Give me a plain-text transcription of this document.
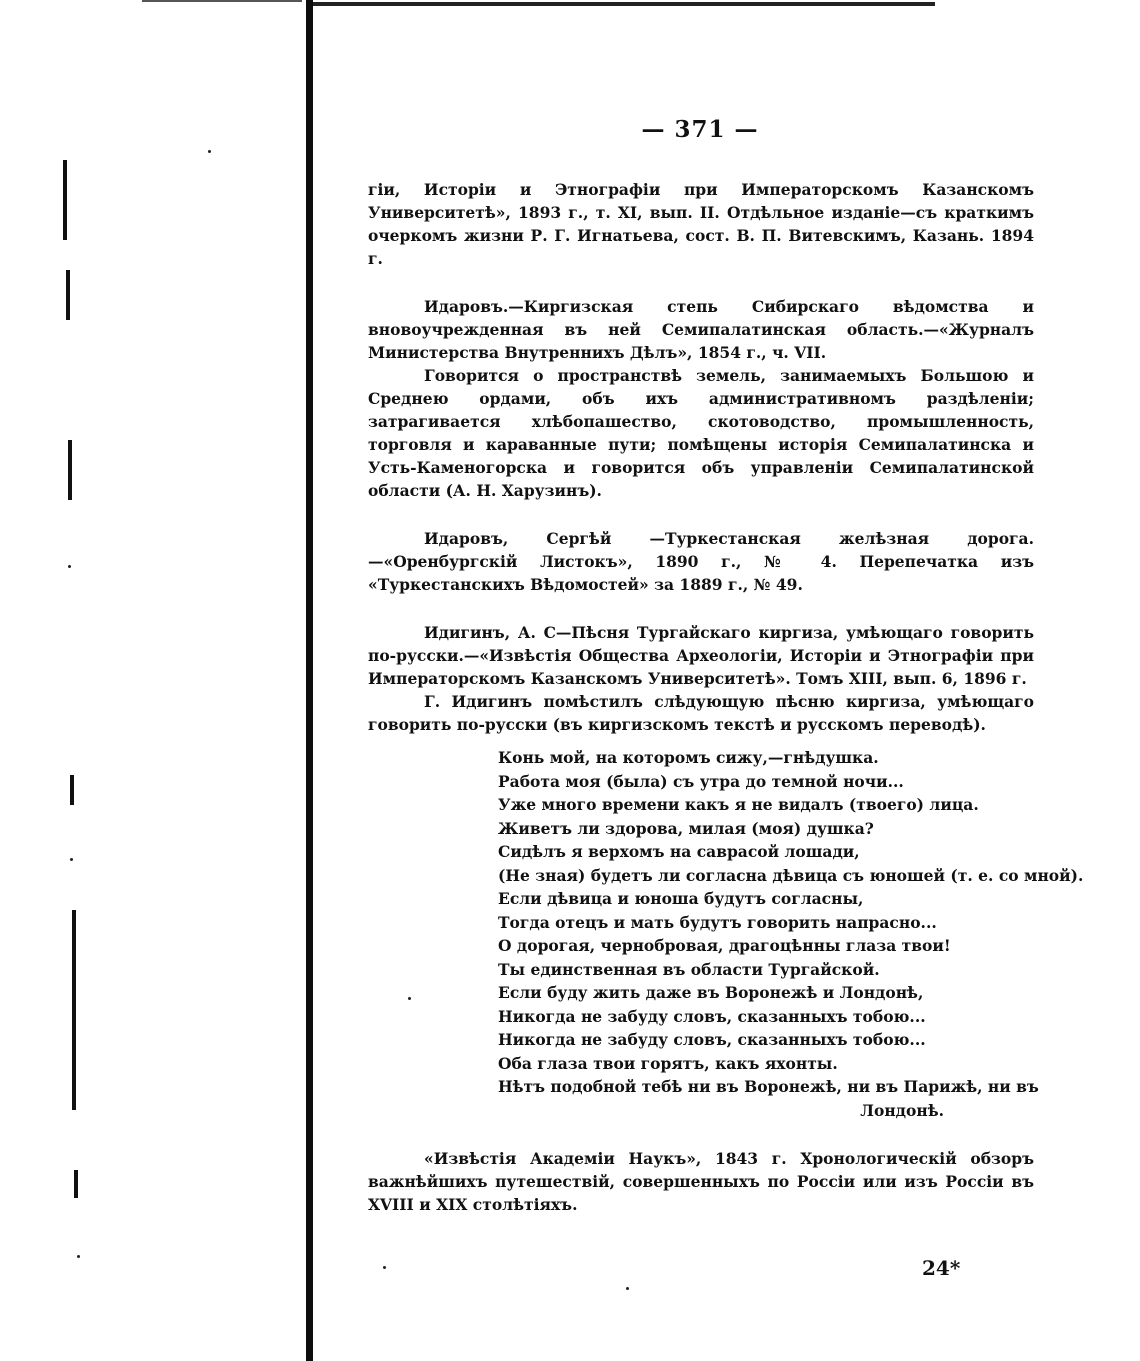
— 371 —

гіи, Исторіи и Этнографіи при Императорскомъ Казанскомъ Университетѣ», 1893 г., т. XI, вып. II. Отдѣльное изданіе—съ краткимъ очеркомъ жизни Р. Г. Игнатьева, сост. В. П. Витевскимъ, Казань. 1894 г.

Идаровъ.—Киргизская степь Сибирскаго вѣдомства и вновоучрежденная въ ней Семипалатинская область.—«Журналъ Министерства Внутреннихъ Дѣлъ», 1854 г., ч. VII.

Говорится о пространствѣ земель, занимаемыхъ Большою и Среднею ордами, объ ихъ административномъ раздѣленіи; затрагивается хлѣбопашество, скотоводство, промышленность, торговля и караванные пути; помѣщены исторія Семипалатинска и Усть-Каменогорска и говорится объ управленіи Семипалатинской области (А. Н. Харузинъ).

Идаровъ, Сергѣй —Туркестанская желѣзная дорога.—«Оренбургскій Листокъ», 1890 г., № 4. Перепечатка изъ «Туркестанскихъ Вѣдомостей» за 1889 г., № 49.

Идигинъ, А. С—Пѣсня Тургайскаго киргиза, умѣющаго говорить по-русски.—«Извѣстія Общества Археологіи, Исторіи и Этнографіи при Императорскомъ Казанскомъ Университетѣ». Томъ XIII, вып. 6, 1896 г.

Г. Идигинъ помѣстилъ слѣдующую пѣсню киргиза, умѣющаго говорить по-русски (въ киргизскомъ текстѣ и русскомъ переводѣ).

Конь мой, на которомъ сижу,—гнѣдушка.
Работа моя (была) съ утра до темной ночи...
Уже много времени какъ я не видалъ (твоего) лица.
Живетъ ли здорова, милая (моя) душка?
Сидѣлъ я верхомъ на саврасой лошади,
(Не зная) будетъ ли согласна дѣвица съ юношей (т. е. со мной).
Если дѣвица и юноша будутъ согласны,
Тогда отецъ и мать будутъ говорить напрасно...
О дорогая, чернобровая, драгоцѣнны глаза твои!
Ты единственная въ области Тургайской.
Если буду жить даже въ Воронежѣ и Лондонѣ,
Никогда не забуду словъ, сказанныхъ тобою...
Никогда не забуду словъ, сказанныхъ тобою...
Оба глаза твои горятъ, какъ яхонты.
Нѣтъ подобной тебѣ ни въ Воронежѣ, ни въ Парижѣ, ни въ
Лондонѣ.

«Извѣстія Академіи Наукъ», 1843 г. Хронологическій обзоръ важнѣйшихъ путешествій, совершенныхъ по Россіи или изъ Россіи въ XVIII и XIX столѣтіяхъ.

24*
